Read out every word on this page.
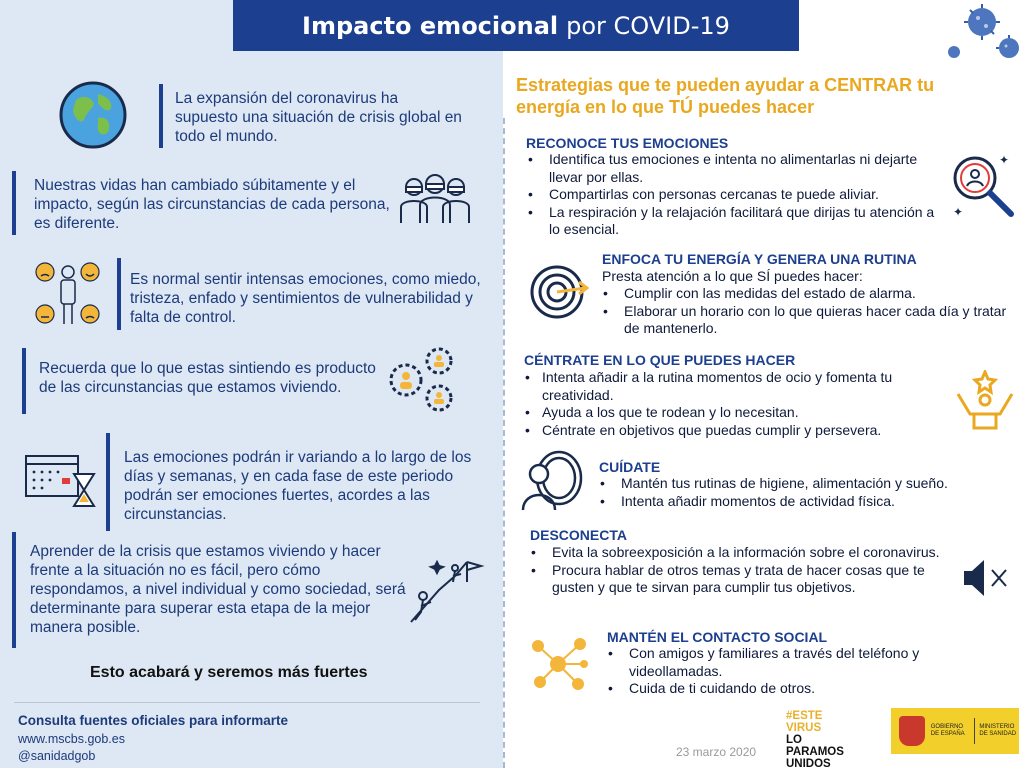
Impacto emocional por COVID-19
La expansión del coronavirus ha supuesto una situación de crisis global en todo el mundo.
Nuestras vidas han cambiado súbitamente y el impacto, según las circunstancias de cada persona, es diferente.
Es normal sentir intensas emociones, como miedo, tristeza, enfado y sentimientos de vulnerabilidad y falta de control.
Recuerda que lo que estas sintiendo es producto de las circunstancias que estamos viviendo.
Las emociones podrán ir variando a lo largo de los días y semanas, y en cada fase de este periodo podrán ser emociones fuertes, acordes a las circunstancias.
Aprender de la crisis que estamos viviendo y hacer frente a la situación no es fácil, pero cómo respondamos, a nivel individual y como sociedad, será determinante para superar esta etapa de la mejor manera posible.
Esto acabará y seremos más fuertes
Consulta fuentes oficiales para informarte
www.mscbs.gob.es
@sanidadgob
Estrategias que te pueden ayudar a CENTRAR tu
energía en lo que TÚ puedes hacer
RECONOCE TUS EMOCIONES
• Identifica tus emociones e intenta no alimentarlas ni dejarte llevar por ellas.
• Compartirlas con personas cercanas te puede aliviar.
• La respiración y la relajación facilitará que dirijas tu atención a lo esencial.
✦
✦
ENFOCA TU ENERGÍA Y GENERA UNA RUTINA
Presta atención a lo que SÍ puedes hacer:
• Cumplir con las medidas del estado de alarma.
• Elaborar un horario con lo que quieras hacer cada día y tratar de mantenerlo.
CÉNTRATE EN LO QUE PUEDES HACER
• Intenta añadir a la rutina momentos de ocio y fomenta tu creatividad.
• Ayuda a los que te rodean y lo necesitan.
• Céntrate en objetivos que puedas cumplir y persevera.
CUÍDATE
• Mantén tus rutinas de higiene, alimentación y sueño.
• Intenta añadir momentos de actividad física.
DESCONECTA
• Evita la sobreexposición a la información sobre el coronavirus.
• Procura hablar de otros temas y trata de hacer cosas que te gusten y que te sirvan para cumplir tus objetivos.
MANTÉN EL CONTACTO SOCIAL
• Con amigos y familiares a través del teléfono y videollamadas.
• Cuida de ti cuidando de otros.
23 marzo 2020
#ESTE
VIRUS
LO
PARAMOS
UNIDOS
GOBIERNO DE ESPAÑA
MINISTERIO DE SANIDAD
